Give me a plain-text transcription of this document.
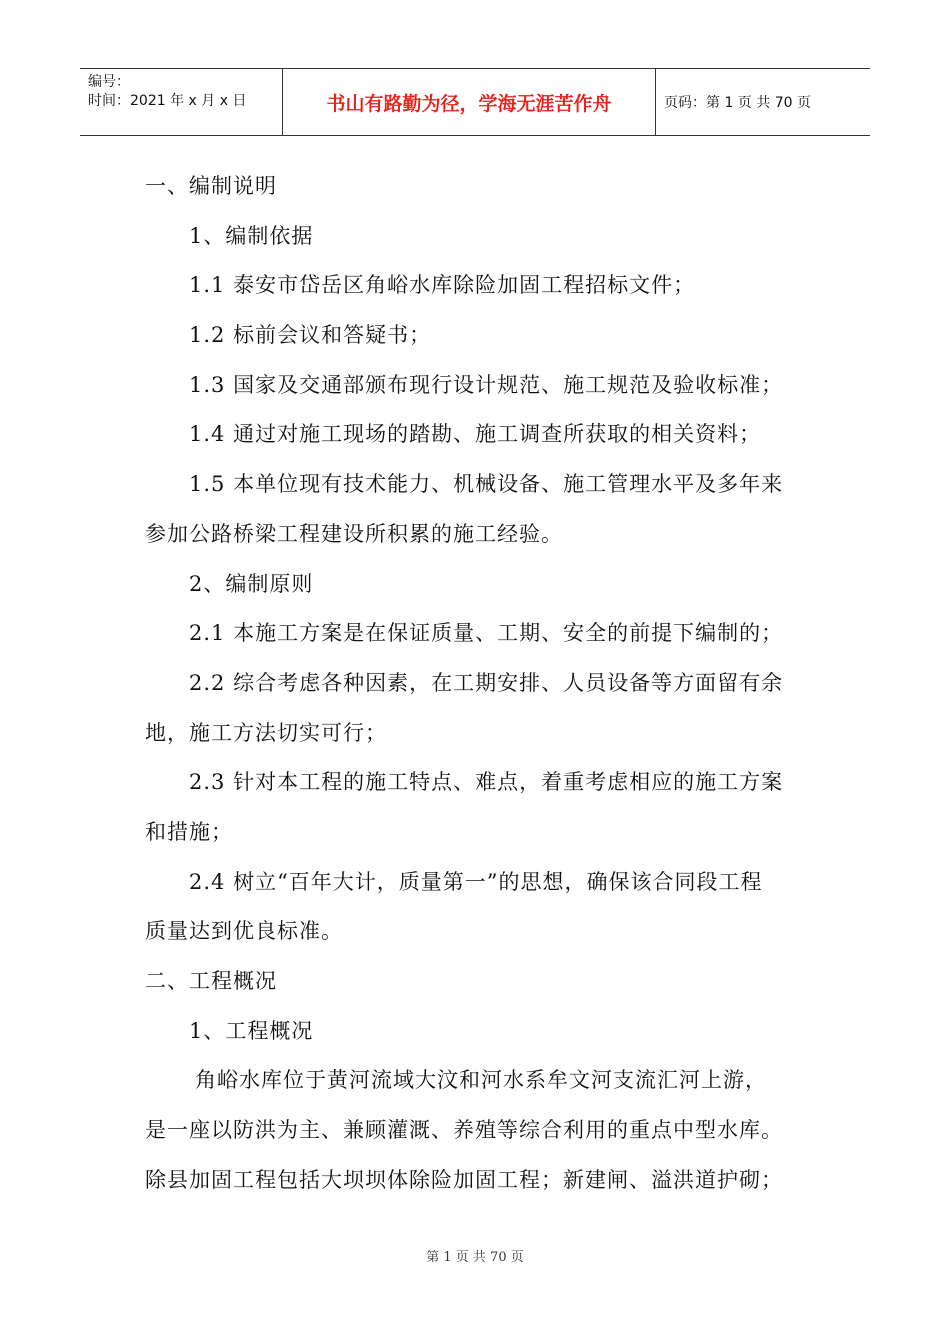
编号：
时间：2021 年 x 月 x 日	书山有路勤为径，学海无涯苦作舟	页码：第 1 页 共 70 页
一、编制说明
1、编制依据
1.1 泰安市岱岳区角峪水库除险加固工程招标文件；
1.2 标前会议和答疑书；
1.3 国家及交通部颁布现行设计规范、施工规范及验收标准；
1.4 通过对施工现场的踏勘、施工调查所获取的相关资料；
1.5 本单位现有技术能力、机械设备、施工管理水平及多年来
参加公路桥梁工程建设所积累的施工经验。
2、编制原则
2.1 本施工方案是在保证质量、工期、安全的前提下编制的；
2.2 综合考虑各种因素，在工期安排、人员设备等方面留有余
地，施工方法切实可行；
2.3 针对本工程的施工特点、难点，着重考虑相应的施工方案
和措施；
2.4 树立“百年大计，质量第一”的思想，确保该合同段工程
质量达到优良标准。
二、工程概况
1、工程概况
角峪水库位于黄河流域大汶和河水系牟文河支流汇河上游，
是一座以防洪为主、兼顾灌溉、养殖等综合利用的重点中型水库。
除县加固工程包括大坝坝体除险加固工程；新建闸、溢洪道护砌；
第 1 页 共 70 页
